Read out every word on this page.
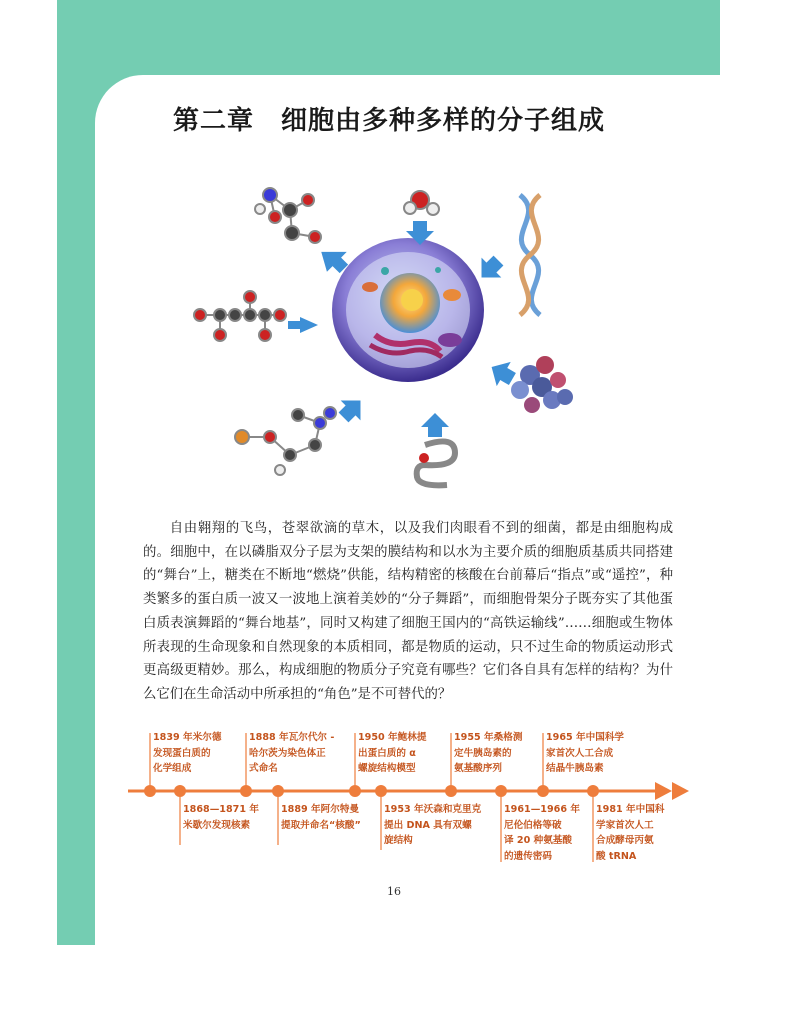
第二章　细胞由多种多样的分子组成

自由翱翔的飞鸟，苍翠欲滴的草木，以及我们肉眼看不到的细菌，都是由细胞构成的。细胞中，在以磷脂双分子层为支架的膜结构和以水为主要介质的细胞质基质共同搭建的“舞台”上，糖类在不断地“燃烧”供能，结构精密的核酸在台前幕后“指点”或“遥控”，种类繁多的蛋白质一波又一波地上演着美妙的“分子舞蹈”，而细胞骨架分子既夯实了其他蛋白质表演舞蹈的“舞台地基”，同时又构建了细胞王国内的“高铁运输线”……细胞或生物体所表现的生命现象和自然现象的本质相同，都是物质的运动，只不过生命的物质运动形式更高级更精妙。那么，构成细胞的物质分子究竟有哪些？它们各自具有怎样的结构？为什么它们在生命活动中所承担的“角色”是不可替代的？

1839 年米尔德
发现蛋白质的
化学组成
1888 年瓦尔代尔 -
哈尔茨为染色体正
式命名
1950 年鲍林提
出蛋白质的 α
螺旋结构模型
1955 年桑格测
定牛胰岛素的
氨基酸序列
1965 年中国科学
家首次人工合成
结晶牛胰岛素
1868—1871 年
米歇尔发现核素
1889 年阿尔特曼
提取并命名“核酸”
1953 年沃森和克里克
提出 DNA 具有双螺
旋结构
1961—1966 年
尼伦伯格等破
译 20 种氨基酸
的遗传密码
1981 年中国科
学家首次人工
合成酵母丙氨
酸 tRNA
16
